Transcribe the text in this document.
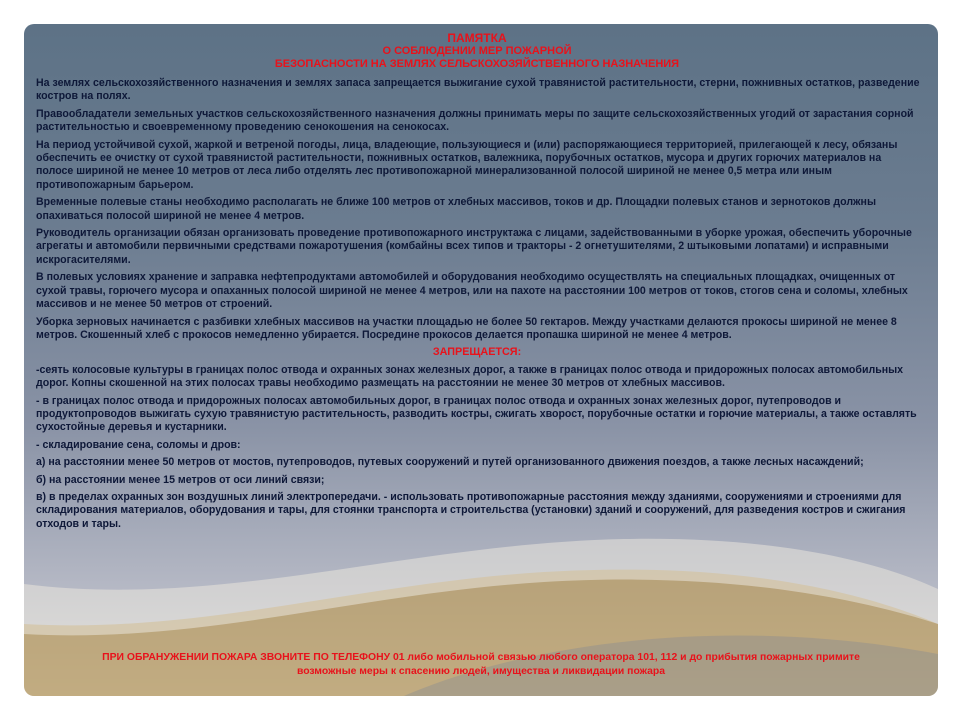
ПАМЯТКА
О СОБЛЮДЕНИИ МЕР ПОЖАРНОЙ
БЕЗОПАСНОСТИ НА ЗЕМЛЯХ СЕЛЬСКОХОЗЯЙСТВЕННОГО НАЗНАЧЕНИЯ

На землях сельскохозяйственного назначения и землях запаса запрещается выжигание сухой травянистой растительности, стерни, пожнивных остатков, разведение костров на полях.

Правообладатели земельных участков сельскохозяйственного назначения должны принимать меры по защите сельскохозяйственных угодий от зарастания сорной растительностью и своевременному проведению сенокошения на сенокосах.

На период устойчивой сухой, жаркой и ветреной погоды, лица, владеющие, пользующиеся и (или) распоряжающиеся территорией, прилегающей к лесу, обязаны обеспечить ее очистку от сухой травянистой растительности, пожнивных остатков, валежника, порубочных остатков, мусора и других горючих материалов на полосе шириной не менее 10 метров от леса либо отделять лес противопожарной минерализованной полосой шириной не менее 0,5 метра или иным противопожарным барьером.

Временные полевые станы необходимо располагать не ближе 100 метров от хлебных массивов, токов и др. Площадки полевых станов и зернотоков должны опахиваться полосой шириной не менее 4 метров.

Руководитель организации обязан организовать проведение противопожарного инструктажа с лицами, задействованными в уборке урожая, обеспечить уборочные агрегаты и автомобили первичными средствами пожаротушения (комбайны всех типов и тракторы - 2 огнетушителями, 2 штыковыми лопатами) и исправными искрогасителями.

В полевых условиях хранение и заправка нефтепродуктами автомобилей и оборудования необходимо осуществлять на специальных площадках, очищенных от сухой травы, горючего мусора и опаханных полосой шириной не менее 4 метров, или на пахоте на расстоянии 100 метров от токов, стогов сена и соломы, хлебных массивов и не менее 50 метров от строений.

Уборка зерновых начинается с разбивки хлебных массивов на участки площадью не более 50 гектаров. Между участками делаются прокосы шириной не менее 8 метров. Скошенный хлеб с прокосов немедленно убирается. Посредине прокосов делается пропашка шириной не менее 4 метров.

ЗАПРЕЩАЕТСЯ:

-сеять колосовые культуры в границах полос отвода и охранных зонах железных дорог, а также в границах полос отвода и придорожных полосах автомобильных дорог. Копны скошенной на этих полосах травы необходимо размещать на расстоянии не менее 30 метров от хлебных массивов.

- в границах полос отвода и придорожных полосах автомобильных дорог, в границах полос отвода и охранных зонах железных дорог, путепроводов и продуктопроводов выжигать сухую травянистую растительность, разводить костры, сжигать хворост, порубочные остатки и горючие материалы, а также оставлять сухостойные деревья и кустарники.

- складирование сена, соломы и дров:

а) на расстоянии менее 50 метров от мостов, путепроводов, путевых сооружений и путей организованного движения поездов, а также лесных насаждений;

б) на расстоянии менее 15 метров от оси линий связи;

в) в пределах охранных зон воздушных линий электропередачи. - использовать противопожарные расстояния между зданиями, сооружениями и строениями для складирования материалов, оборудования и тары, для стоянки транспорта и строительства (установки) зданий и сооружений, для разведения костров и сжигания отходов и тары.

ПРИ ОБРАНУЖЕНИИ ПОЖАРА ЗВОНИТЕ ПО ТЕЛЕФОНУ 01 либо мобильной связью любого оператора 101, 112 и до прибытия пожарных примите
возможные меры к спасению людей, имущества и ликвидации пожара
